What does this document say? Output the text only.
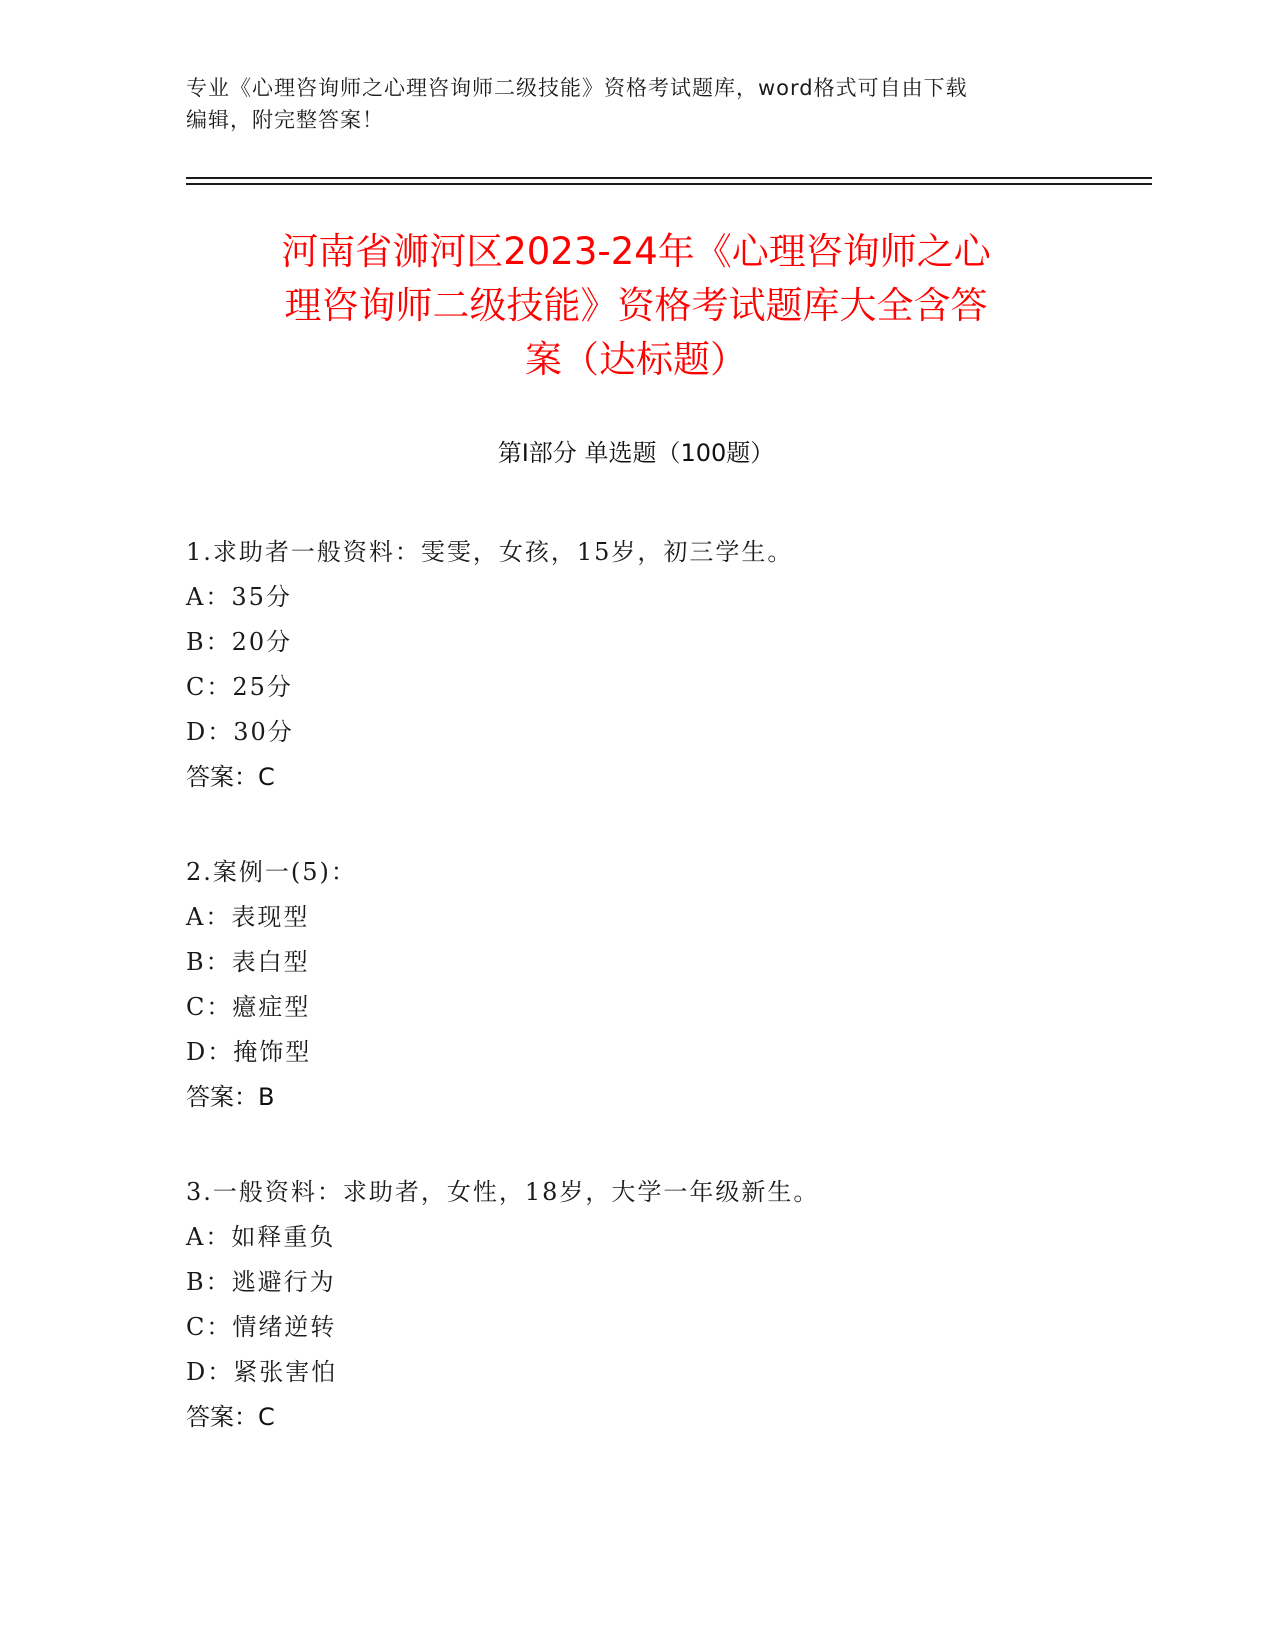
专业《心理咨询师之心理咨询师二级技能》资格考试题库，word格式可自由下载
编辑，附完整答案！
河南省浉河区2023-24年《心理咨询师之心
理咨询师二级技能》资格考试题库大全含答
案（达标题）
第Ⅰ部分 单选题（100题）
1.求助者一般资料：雯雯，女孩，15岁，初三学生。
A：35分
B：20分
C：25分
D：30分
答案：C
2.案例一(5)：
A：表现型
B：表白型
C：癔症型
D：掩饰型
答案：B
3.一般资料：求助者，女性，18岁，大学一年级新生。
A：如释重负
B：逃避行为
C：情绪逆转
D：紧张害怕
答案：C
